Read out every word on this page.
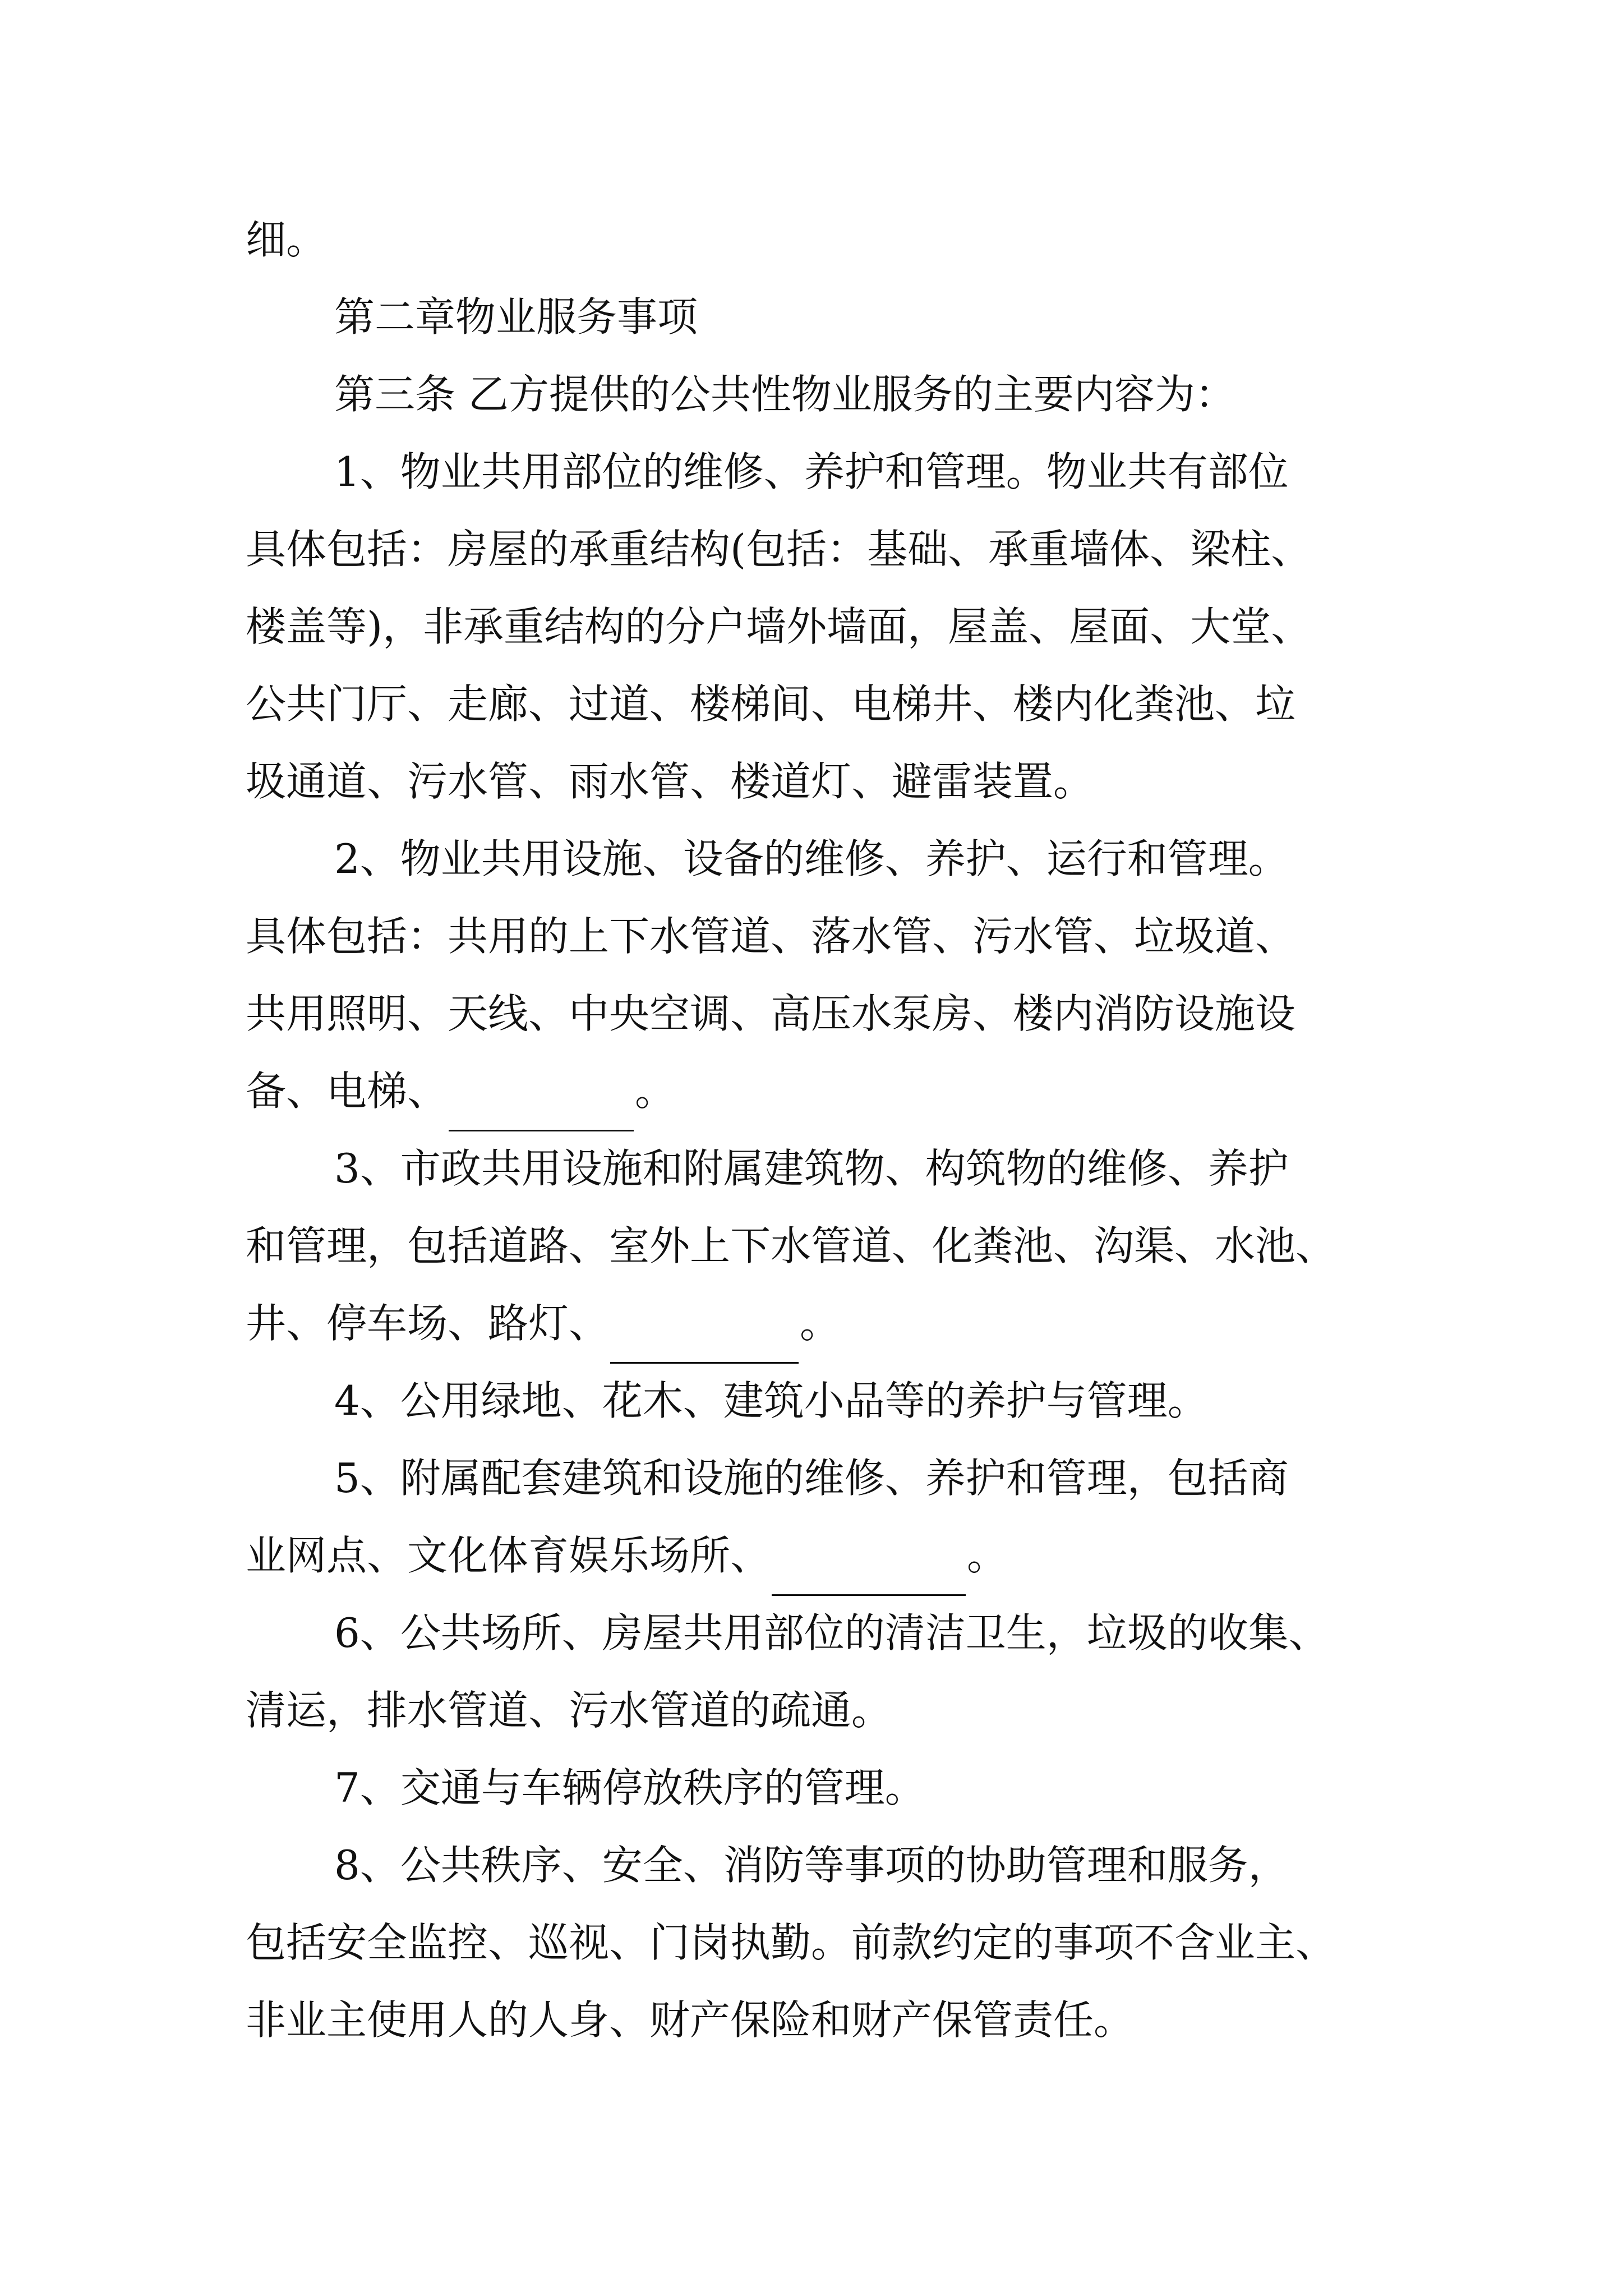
细。
第二章物业服务事项
第三条 乙方提供的公共性物业服务的主要内容为：
1、物业共用部位的维修、养护和管理。物业共有部位
具体包括：房屋的承重结构(包括：基础、承重墙体、梁柱、
楼盖等)，非承重结构的分户墙外墙面，屋盖、屋面、大堂、
公共门厅、走廊、过道、楼梯间、电梯井、楼内化粪池、垃
圾通道、污水管、雨水管、楼道灯、避雷装置。
2、物业共用设施、设备的维修、养护、运行和管理。
具体包括：共用的上下水管道、落水管、污水管、垃圾道、
共用照明、天线、中央空调、高压水泵房、楼内消防设施设
备、电梯、	。
3、市政共用设施和附属建筑物、构筑物的维修、养护
和管理，包括道路、室外上下水管道、化粪池、沟渠、水池、
井、停车场、路灯、	。
4、公用绿地、花木、建筑小品等的养护与管理。
5、附属配套建筑和设施的维修、养护和管理，包括商
业网点、文化体育娱乐场所、	。
6、公共场所、房屋共用部位的清洁卫生，垃圾的收集、
清运，排水管道、污水管道的疏通。
7、交通与车辆停放秩序的管理。
8、公共秩序、安全、消防等事项的协助管理和服务，
包括安全监控、巡视、门岗执勤。前款约定的事项不含业主、
非业主使用人的人身、财产保险和财产保管责任。
